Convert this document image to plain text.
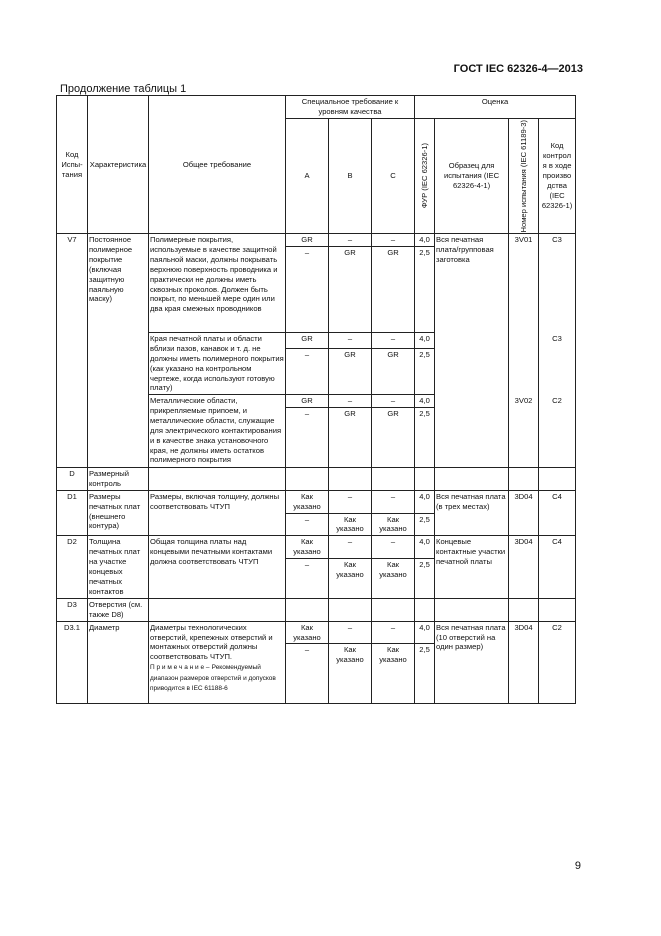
ГОСТ IEC 62326-4—2013
Продолжение таблицы 1
Код Испы-тания	Характеристика	Общее требование	Специальное требование к уровням качества			Оценка			
			A	B	C	ФУР (IEC 62326-1)	Образец для испытания (IEC 62326-4-1)	Номер испытания (IEC 61189-3)	Код контрол я в ходе произво дства (IEC 62326-1)
V7	Постоянное полимерное покрытие (включая защитную паяльную маску)	Полимерные покрытия, используемые в качестве защитной паяльной маски, должны покрывать верхнюю поверхность проводника и практически не должны иметь сквозных проколов. Должен быть покрыт, по меньшей мере один или два края смежных проводников	GR	–	–	4,0	Вся печатная плата/групповая заготовка	3V01	C3
			–	GR	GR	2,5			
		Края печатной платы и области вблизи пазов, канавок и т. д. не должны иметь полимерного покрытия (как указано на контрольном чертеже, когда используют готовую плату)	GR	–	–	4,0			C3
			–	GR	GR	2,5			
		Металлические области, прикрепляемые припоем, и металлические области, служащие для электрического контактирования и в качестве знака установочного края, не должны иметь остатков полимерного покрытия	GR	–	–	4,0		3V02	C2
			–	GR	GR	2,5			
D	Размерный контроль								
D1	Размеры печатных плат (внешнего контура)	Размеры, включая толщину, должны соответствовать ЧТУП	Как указано	–	–	4,0	Вся печатная плата (в трех местах)	3D04	C4
			–	Как указано	Как указано	2,5			
D2	Толщина печатных плат на участке концевых печатных контактов	Общая толщина платы над концевыми печатными контактами должна соответствовать ЧТУП	Как указано	–	–	4,0	Концевые контактные участки печатной платы	3D04	C4
			–	Как указано	Как указано	2,5			
D3	Отверстия (см. также D8)								
D3.1	Диаметр	Диаметры технологических отверстий, крепежных отверстий и монтажных отверстий должны соответствовать ЧТУП.
П р и м е ч а н и е – Рекомендуемый диапазон размеров отверстий и допусков приводится в IEC 61188-6	Как указано	–	–	4,0	Вся печатная плата (10 отверстий на один размер)	3D04	C2
			–	Как указано	Как указано	2,5			
9
